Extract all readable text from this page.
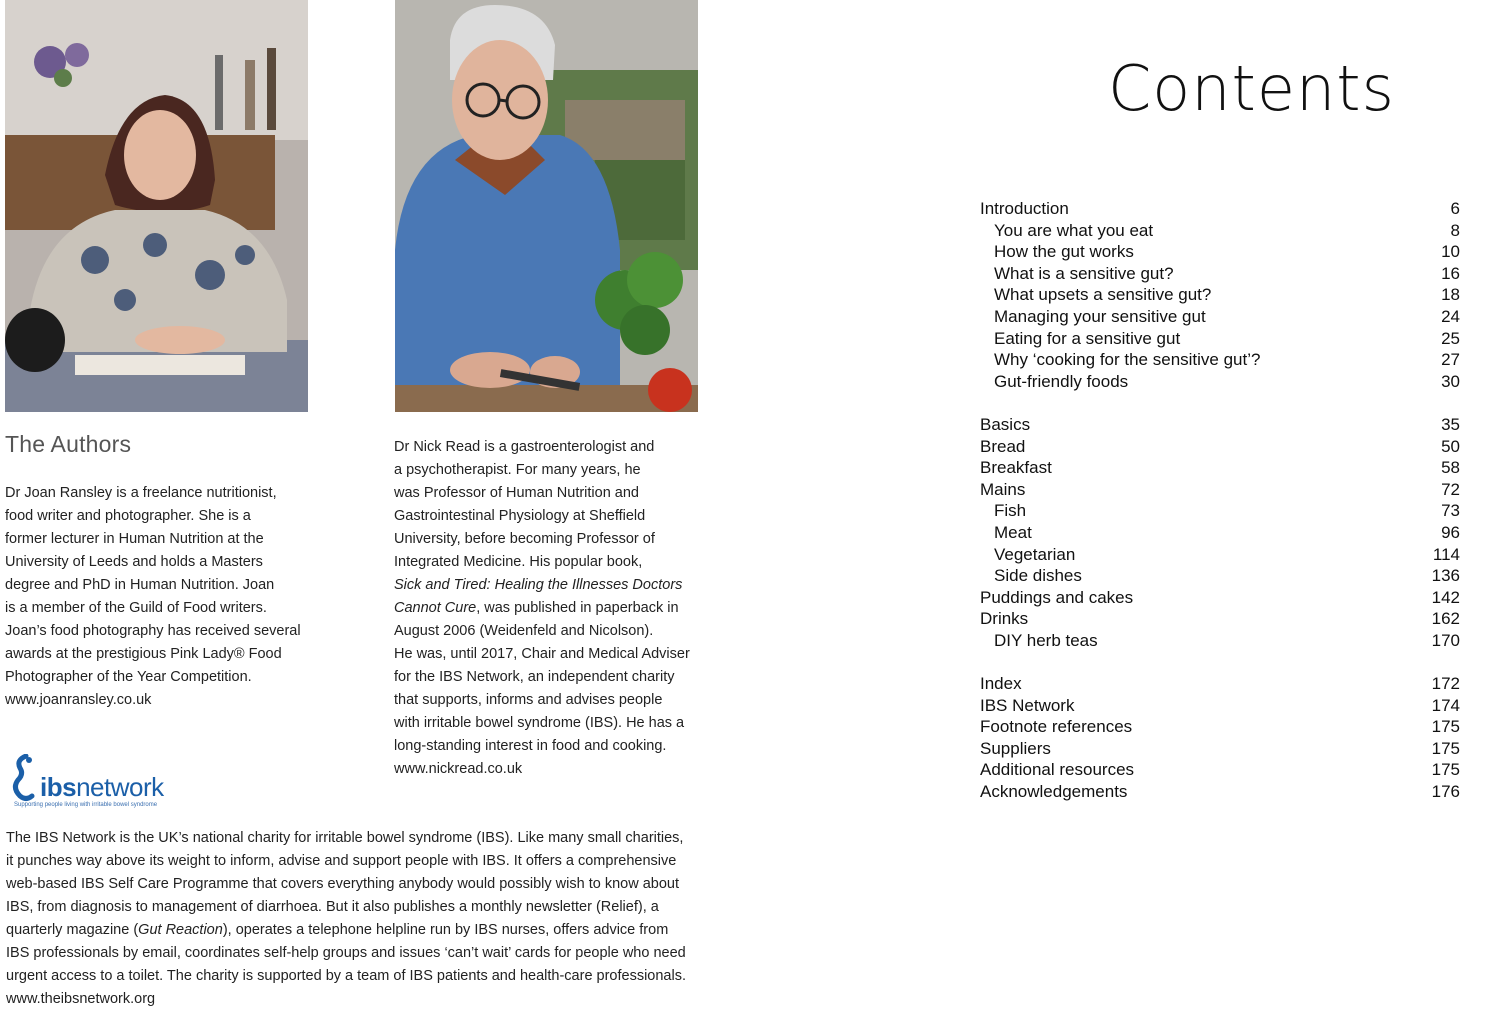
The Authors
Dr Joan Ransley is a freelance nutritionist,
food writer and photographer. She is a
former lecturer in Human Nutrition at the
University of Leeds and holds a Masters
degree and PhD in Human Nutrition. Joan
is a member of the Guild of Food writers.
Joan’s food photography has received several
awards at the prestigious Pink Lady® Food
Photographer of the Year Competition.
www.joanransley.co.uk
Dr Nick Read is a gastroenterologist and
a psychotherapist. For many years, he
was Professor of Human Nutrition and
Gastrointestinal Physiology at Sheffield
University, before becoming Professor of
Integrated Medicine. His popular book,
Sick and Tired: Healing the Illnesses Doctors
Cannot Cure, was published in paperback in
August 2006 (Weidenfeld and Nicolson).
He was, until 2017, Chair and Medical Adviser
for the IBS Network, an independent charity
that supports, informs and advises people
with irritable bowel syndrome (IBS). He has a
long-standing interest in food and cooking.
www.nickread.co.uk
ibsnetwork
Supporting people living with irritable bowel syndrome
The IBS Network is the UK’s national charity for irritable bowel syndrome (IBS). Like many small charities,
it punches way above its weight to inform, advise and support people with IBS. It offers a comprehensive
web-based IBS Self Care Programme that covers everything anybody would possibly wish to know about
IBS, from diagnosis to management of diarrhoea. But it also publishes a monthly newsletter (Relief), a
quarterly magazine (Gut Reaction), operates a telephone helpline run by IBS nurses, offers advice from
IBS professionals by email, coordinates self-help groups and issues ‘can’t wait’ cards for people who need
urgent access to a toilet. The charity is supported by a team of IBS patients and health-care professionals.
www.theibsnetwork.org
Contents
Introduction	6
You are what you eat	8
How the gut works	10
What is a sensitive gut?	16
What upsets a sensitive gut?	18
Managing your sensitive gut	24
Eating for a sensitive gut	25
Why ‘cooking for the sensitive gut’?	27
Gut-friendly foods	30
Basics	35
Bread	50
Breakfast	58
Mains	72
Fish	73
Meat	96
Vegetarian	114
Side dishes	136
Puddings and cakes	142
Drinks	162
DIY herb teas	170
Index	172
IBS Network	174
Footnote references	175
Suppliers	175
Additional resources	175
Acknowledgements	176
